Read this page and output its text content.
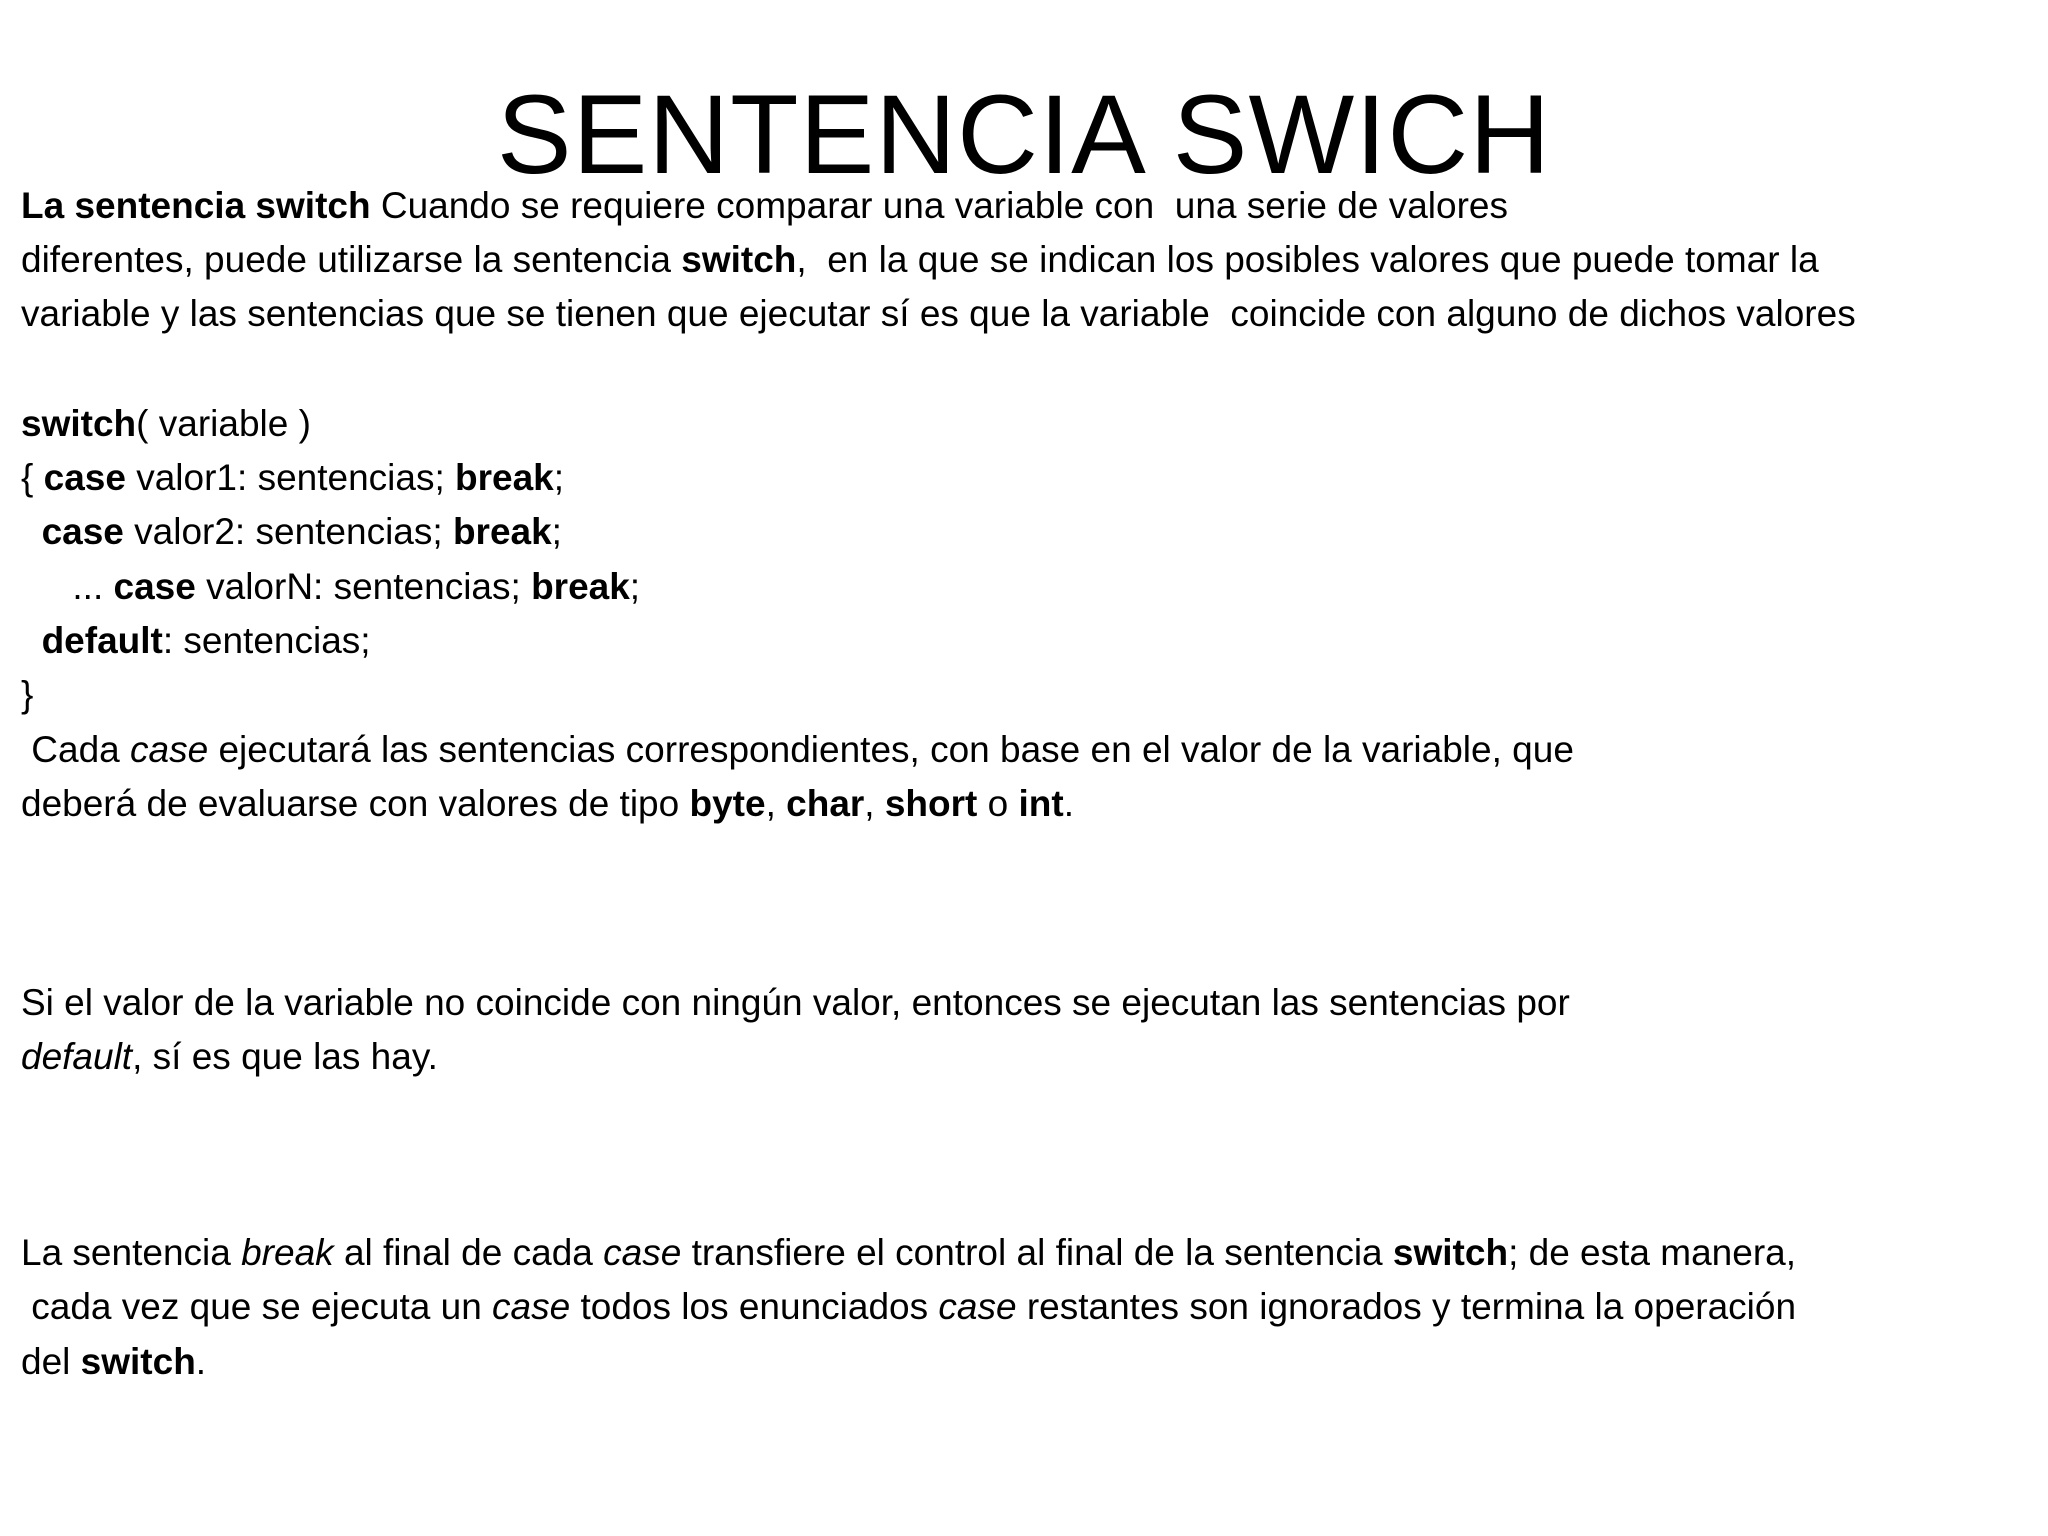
SENTENCIA SWICH
La sentencia switch Cuando se requiere comparar una variable con  una serie de valores
diferentes, puede utilizarse la sentencia switch,  en la que se indican los posibles valores que puede tomar la
variable y las sentencias que se tienen que ejecutar sí es que la variable  coincide con alguno de dichos valores
switch( variable )
{ case valor1: sentencias; break;
case valor2: sentencias; break;
... case valorN: sentencias; break;
default: sentencias;
}
Cada case ejecutará las sentencias correspondientes, con base en el valor de la variable, que
deberá de evaluarse con valores de tipo byte, char, short o int.
Si el valor de la variable no coincide con ningún valor, entonces se ejecutan las sentencias por
default, sí es que las hay.
La sentencia break al final de cada case transfiere el control al final de la sentencia switch; de esta manera,
cada vez que se ejecuta un case todos los enunciados case restantes son ignorados y termina la operación
del switch.
